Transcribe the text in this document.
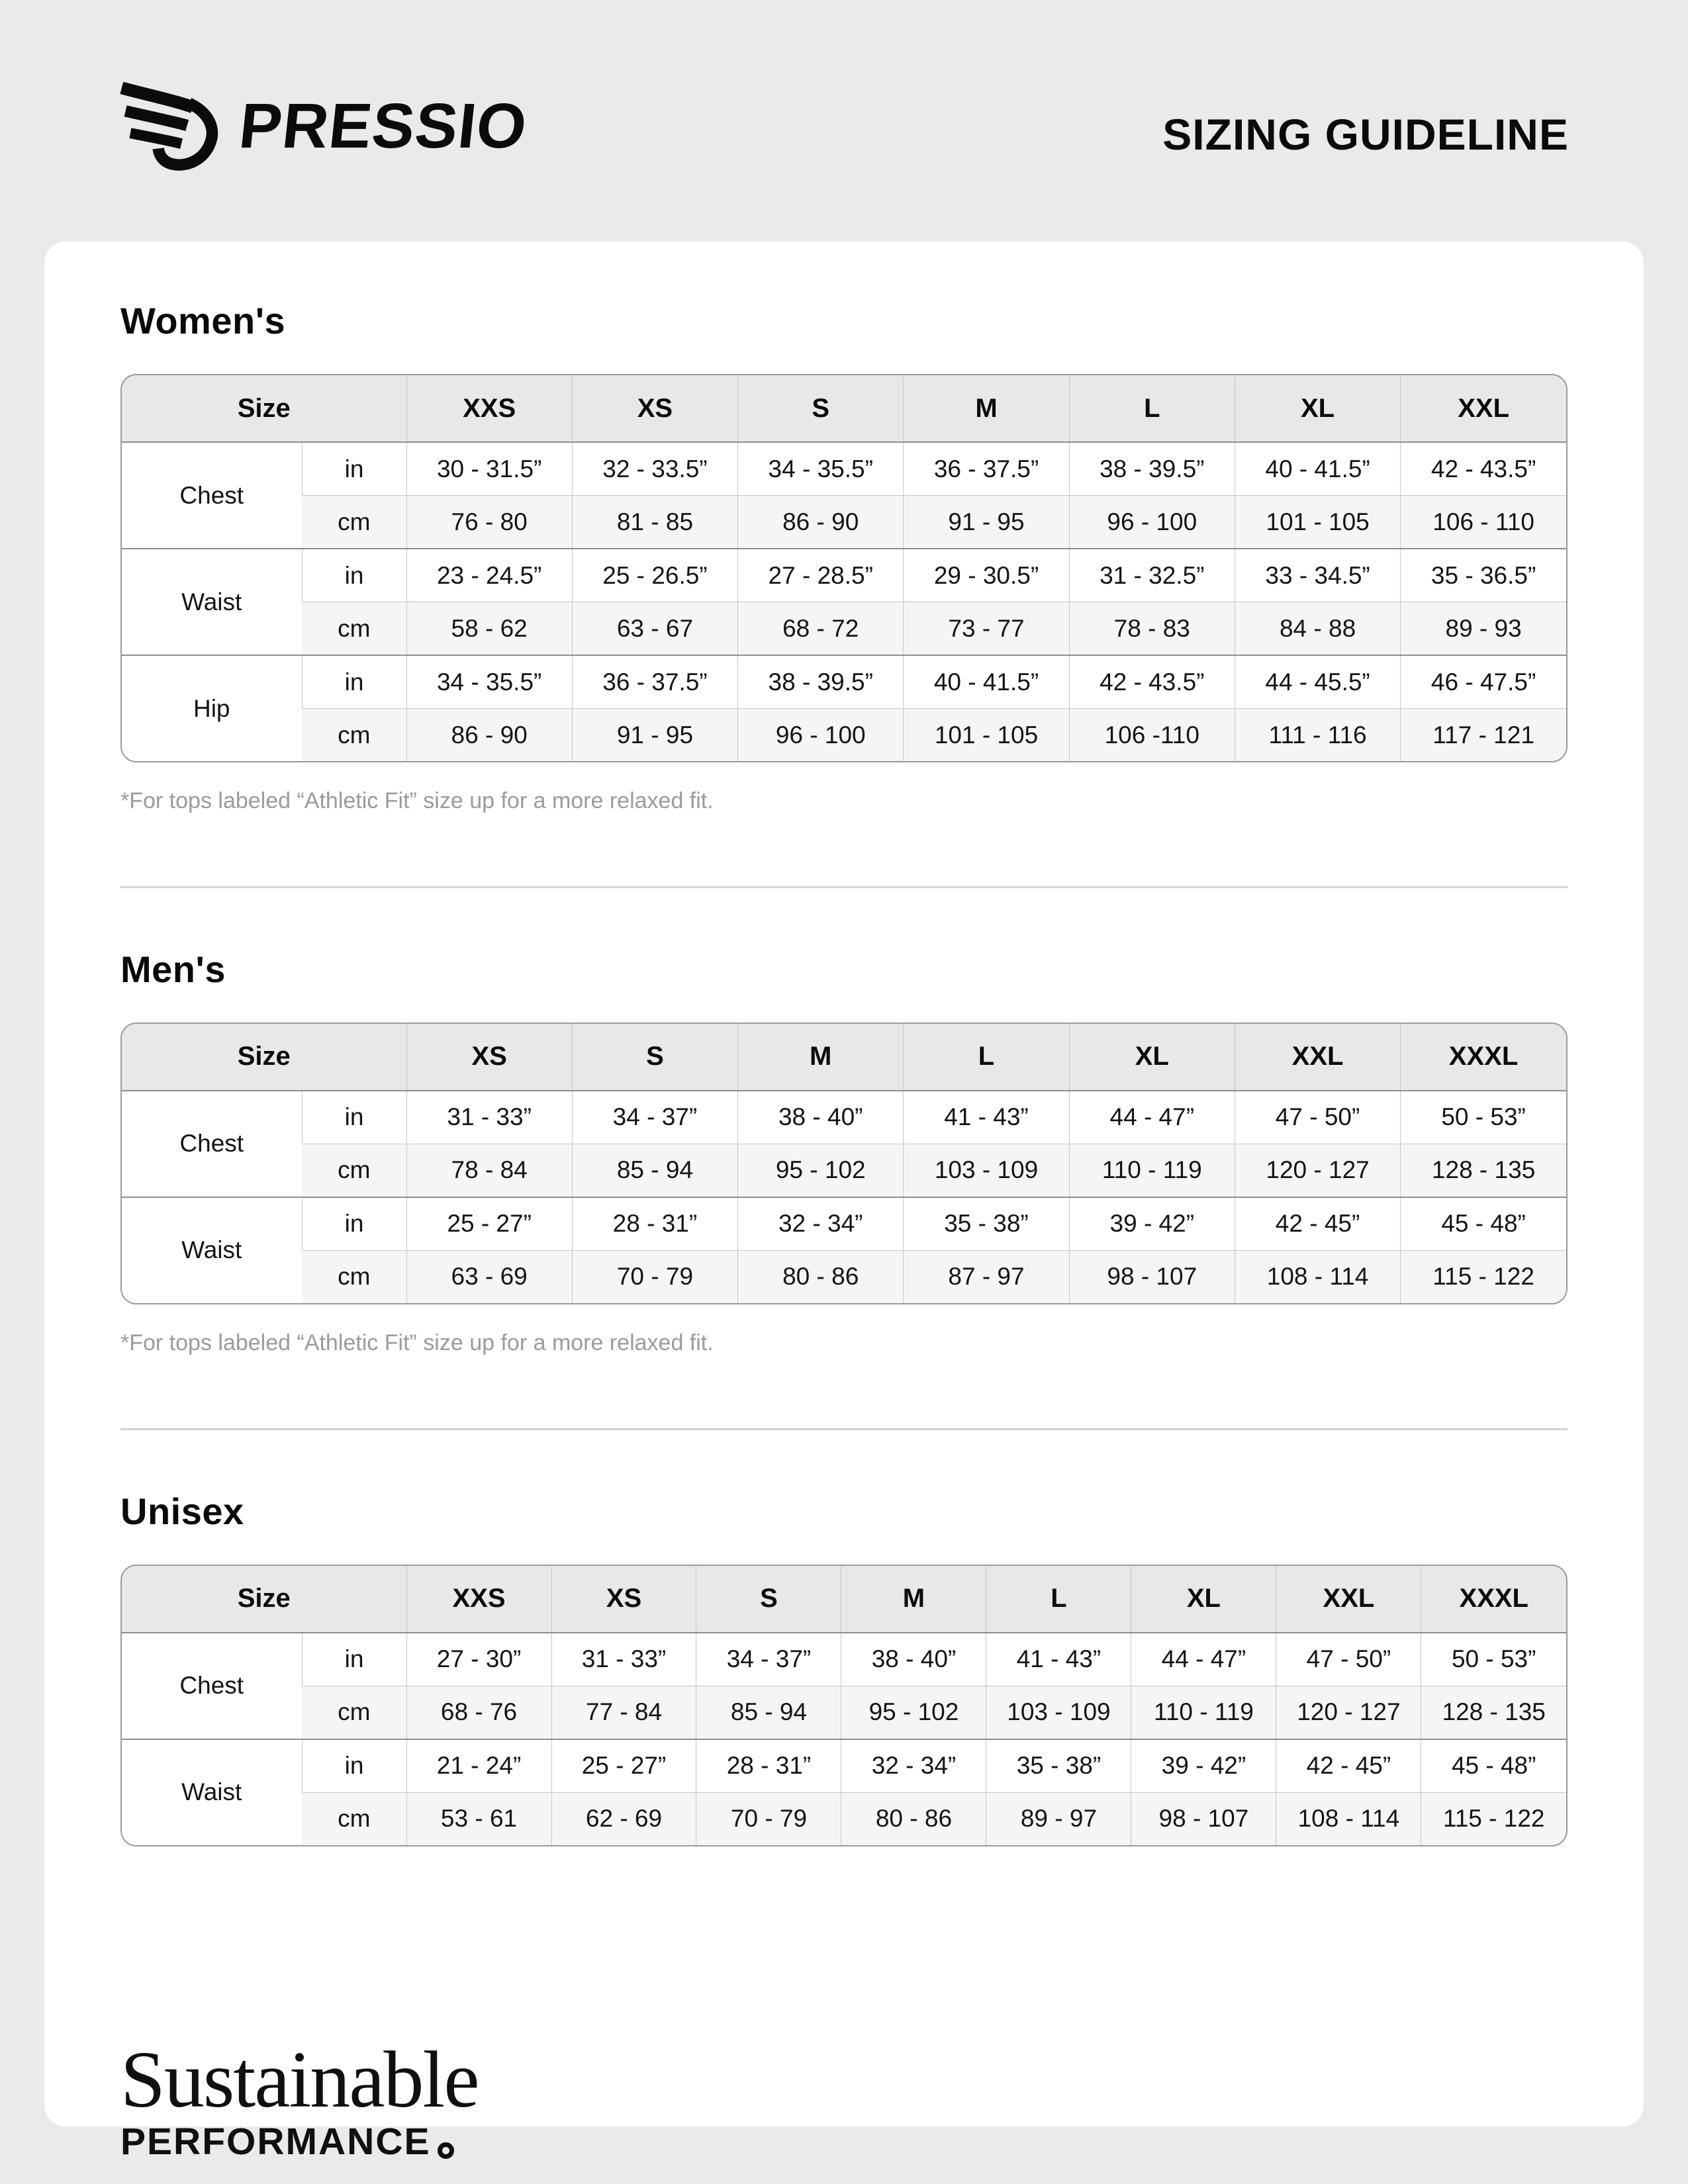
PRESSIO	SIZING GUIDELINE
Women's
Size		XXS	XS	S	M	L	XL	XXL
Chest	in	30 - 31.5”	32 - 33.5”	34 - 35.5”	36 - 37.5”	38 - 39.5”	40 - 41.5”	42 - 43.5”
	cm	76 - 80	81 - 85	86 - 90	91 - 95	96 - 100	101 - 105	106 - 110
Waist	in	23 - 24.5”	25 - 26.5”	27 - 28.5”	29 - 30.5”	31 - 32.5”	33 - 34.5”	35 - 36.5”
	cm	58 - 62	63 - 67	68 - 72	73 - 77	78 - 83	84 - 88	89 - 93
Hip	in	34 - 35.5”	36 - 37.5”	38 - 39.5”	40 - 41.5”	42 - 43.5”	44 - 45.5”	46 - 47.5”
	cm	86 - 90	91 - 95	96 - 100	101 - 105	106 -110	111 - 116	117 - 121

*For tops labeled “Athletic Fit” size up for a more relaxed fit.

Men's
Size		XS	S	M	L	XL	XXL	XXXL
Chest	in	31 - 33”	34 - 37”	38 - 40”	41 - 43”	44 - 47”	47 - 50”	50 - 53”
	cm	78 - 84	85 - 94	95 - 102	103 - 109	110 - 119	120 - 127	128 - 135
Waist	in	25 - 27”	28 - 31”	32 - 34”	35 - 38”	39 - 42”	42 - 45”	45 - 48”
	cm	63 - 69	70 - 79	80 - 86	87 - 97	98 - 107	108 - 114	115 - 122

*For tops labeled “Athletic Fit” size up for a more relaxed fit.

Unisex
Size		XXS	XS	S	M	L	XL	XXL	XXXL
Chest	in	27 - 30”	31 - 33”	34 - 37”	38 - 40”	41 - 43”	44 - 47”	47 - 50”	50 - 53”
	cm	68 - 76	77 - 84	85 - 94	95 - 102	103 - 109	110 - 119	120 - 127	128 - 135
Waist	in	21 - 24”	25 - 27”	28 - 31”	32 - 34”	35 - 38”	39 - 42”	42 - 45”	45 - 48”
	cm	53 - 61	62 - 69	70 - 79	80 - 86	89 - 97	98 - 107	108 - 114	115 - 122
Sustainable
PERFORMANCE
